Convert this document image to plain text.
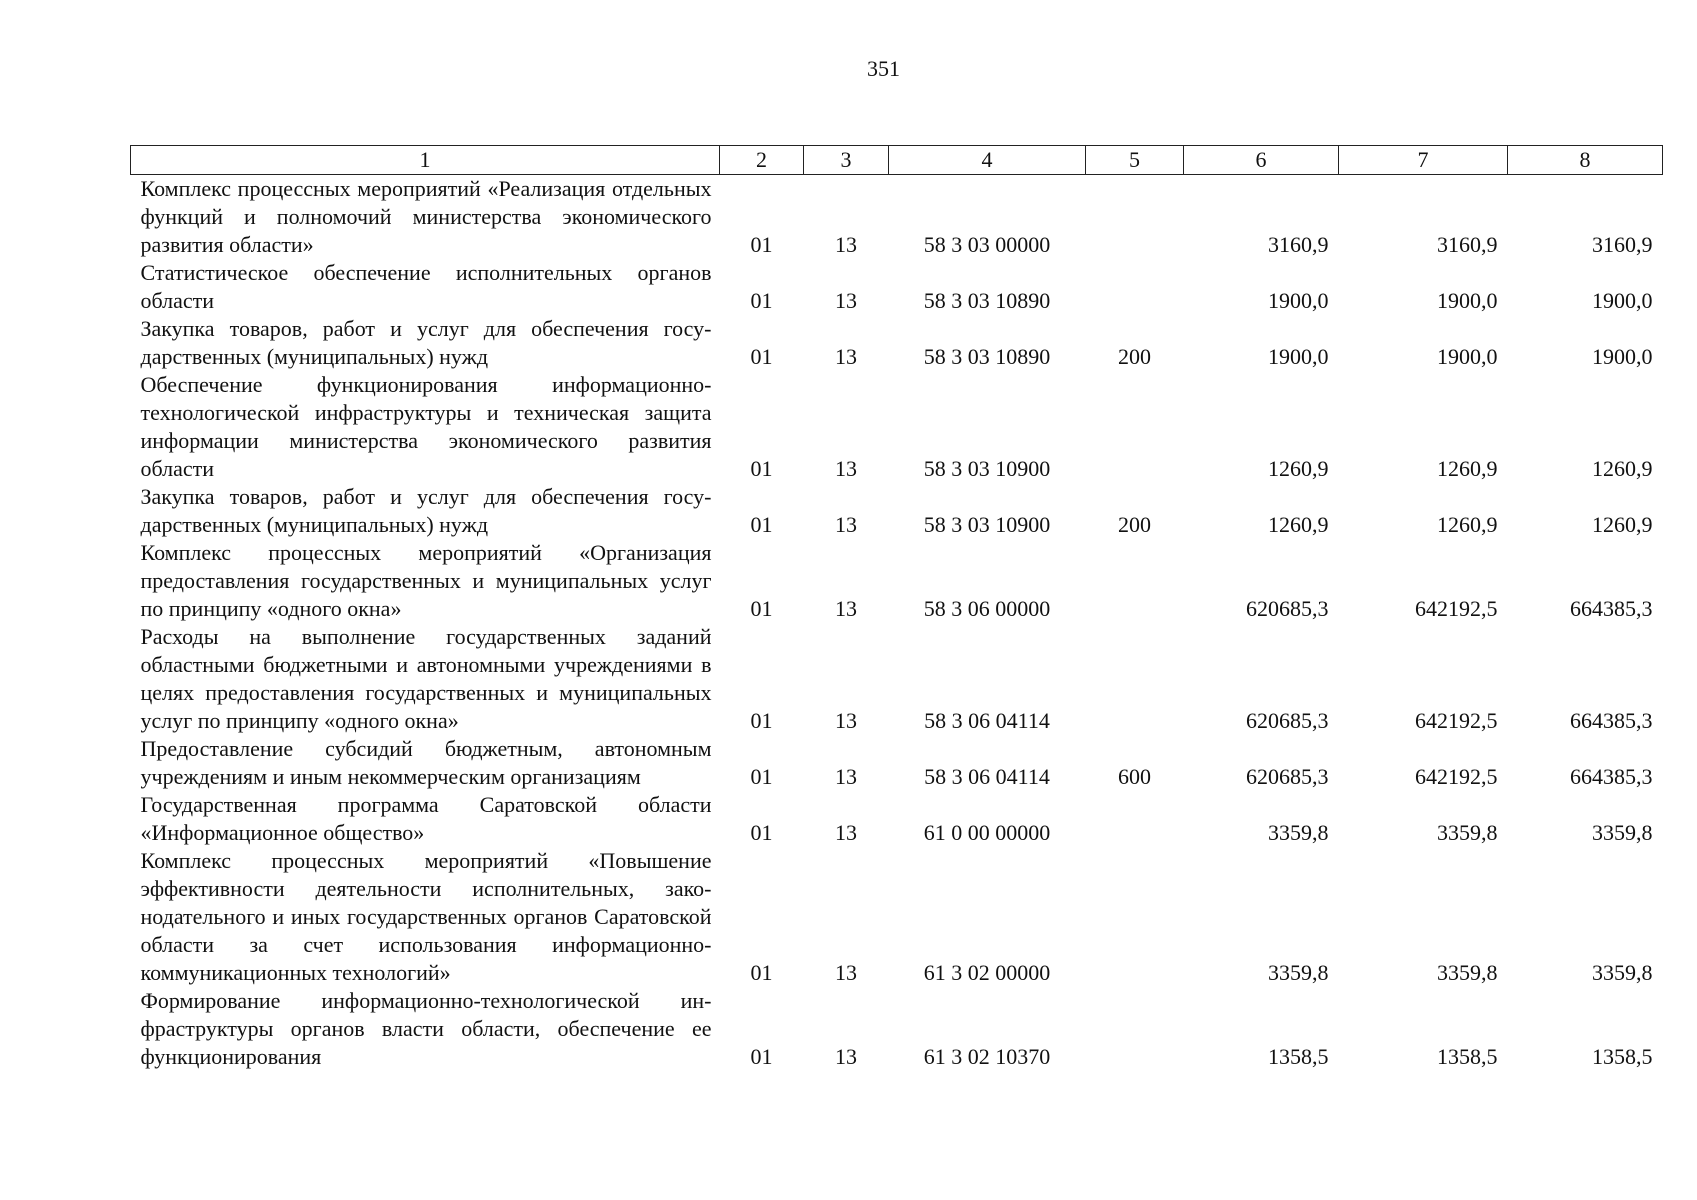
351
1	2	3	4	5	6	7	8
Комплекс процессных мероприятий «Реализация отдельных функций и полномочий министерства экономического развития области»	01	13	58 3 03 00000		3160,9	3160,9	3160,9
Статистическое обеспечение исполнительных органов области	01	13	58 3 03 10890		1900,0	1900,0	1900,0
Закупка товаров, работ и услуг для обеспечения государственных (муниципальных) нужд	01	13	58 3 03 10890	200	1900,0	1900,0	1900,0
Обеспечение функционирования информационно-технологической инфраструктуры и техническая защита информации министерства экономического развития области	01	13	58 3 03 10900		1260,9	1260,9	1260,9
Закупка товаров, работ и услуг для обеспечения государственных (муниципальных) нужд	01	13	58 3 03 10900	200	1260,9	1260,9	1260,9
Комплекс процессных мероприятий «Организация предоставления государственных и муниципальных услуг по принципу «одного окна»	01	13	58 3 06 00000		620685,3	642192,5	664385,3
Расходы на выполнение государственных заданий областными бюджетными и автономными учреждениями в целях предоставления государственных и муниципальных услуг по принципу «одного окна»	01	13	58 3 06 04114		620685,3	642192,5	664385,3
Предоставление субсидий бюджетным, автономным учреждениям и иным некоммерческим организациям	01	13	58 3 06 04114	600	620685,3	642192,5	664385,3
Государственная программа Саратовской области «Информационное общество»	01	13	61 0 00 00000		3359,8	3359,8	3359,8
Комплекс процессных мероприятий «Повышение эффективности деятельности исполнительных, законодательного и иных государственных органов Саратовской области за счет использования информационно-коммуникационных технологий»	01	13	61 3 02 00000		3359,8	3359,8	3359,8
Формирование информационно-технологической инфраструктуры органов власти области, обеспечение ее функционирования	01	13	61 3 02 10370		1358,5	1358,5	1358,5
